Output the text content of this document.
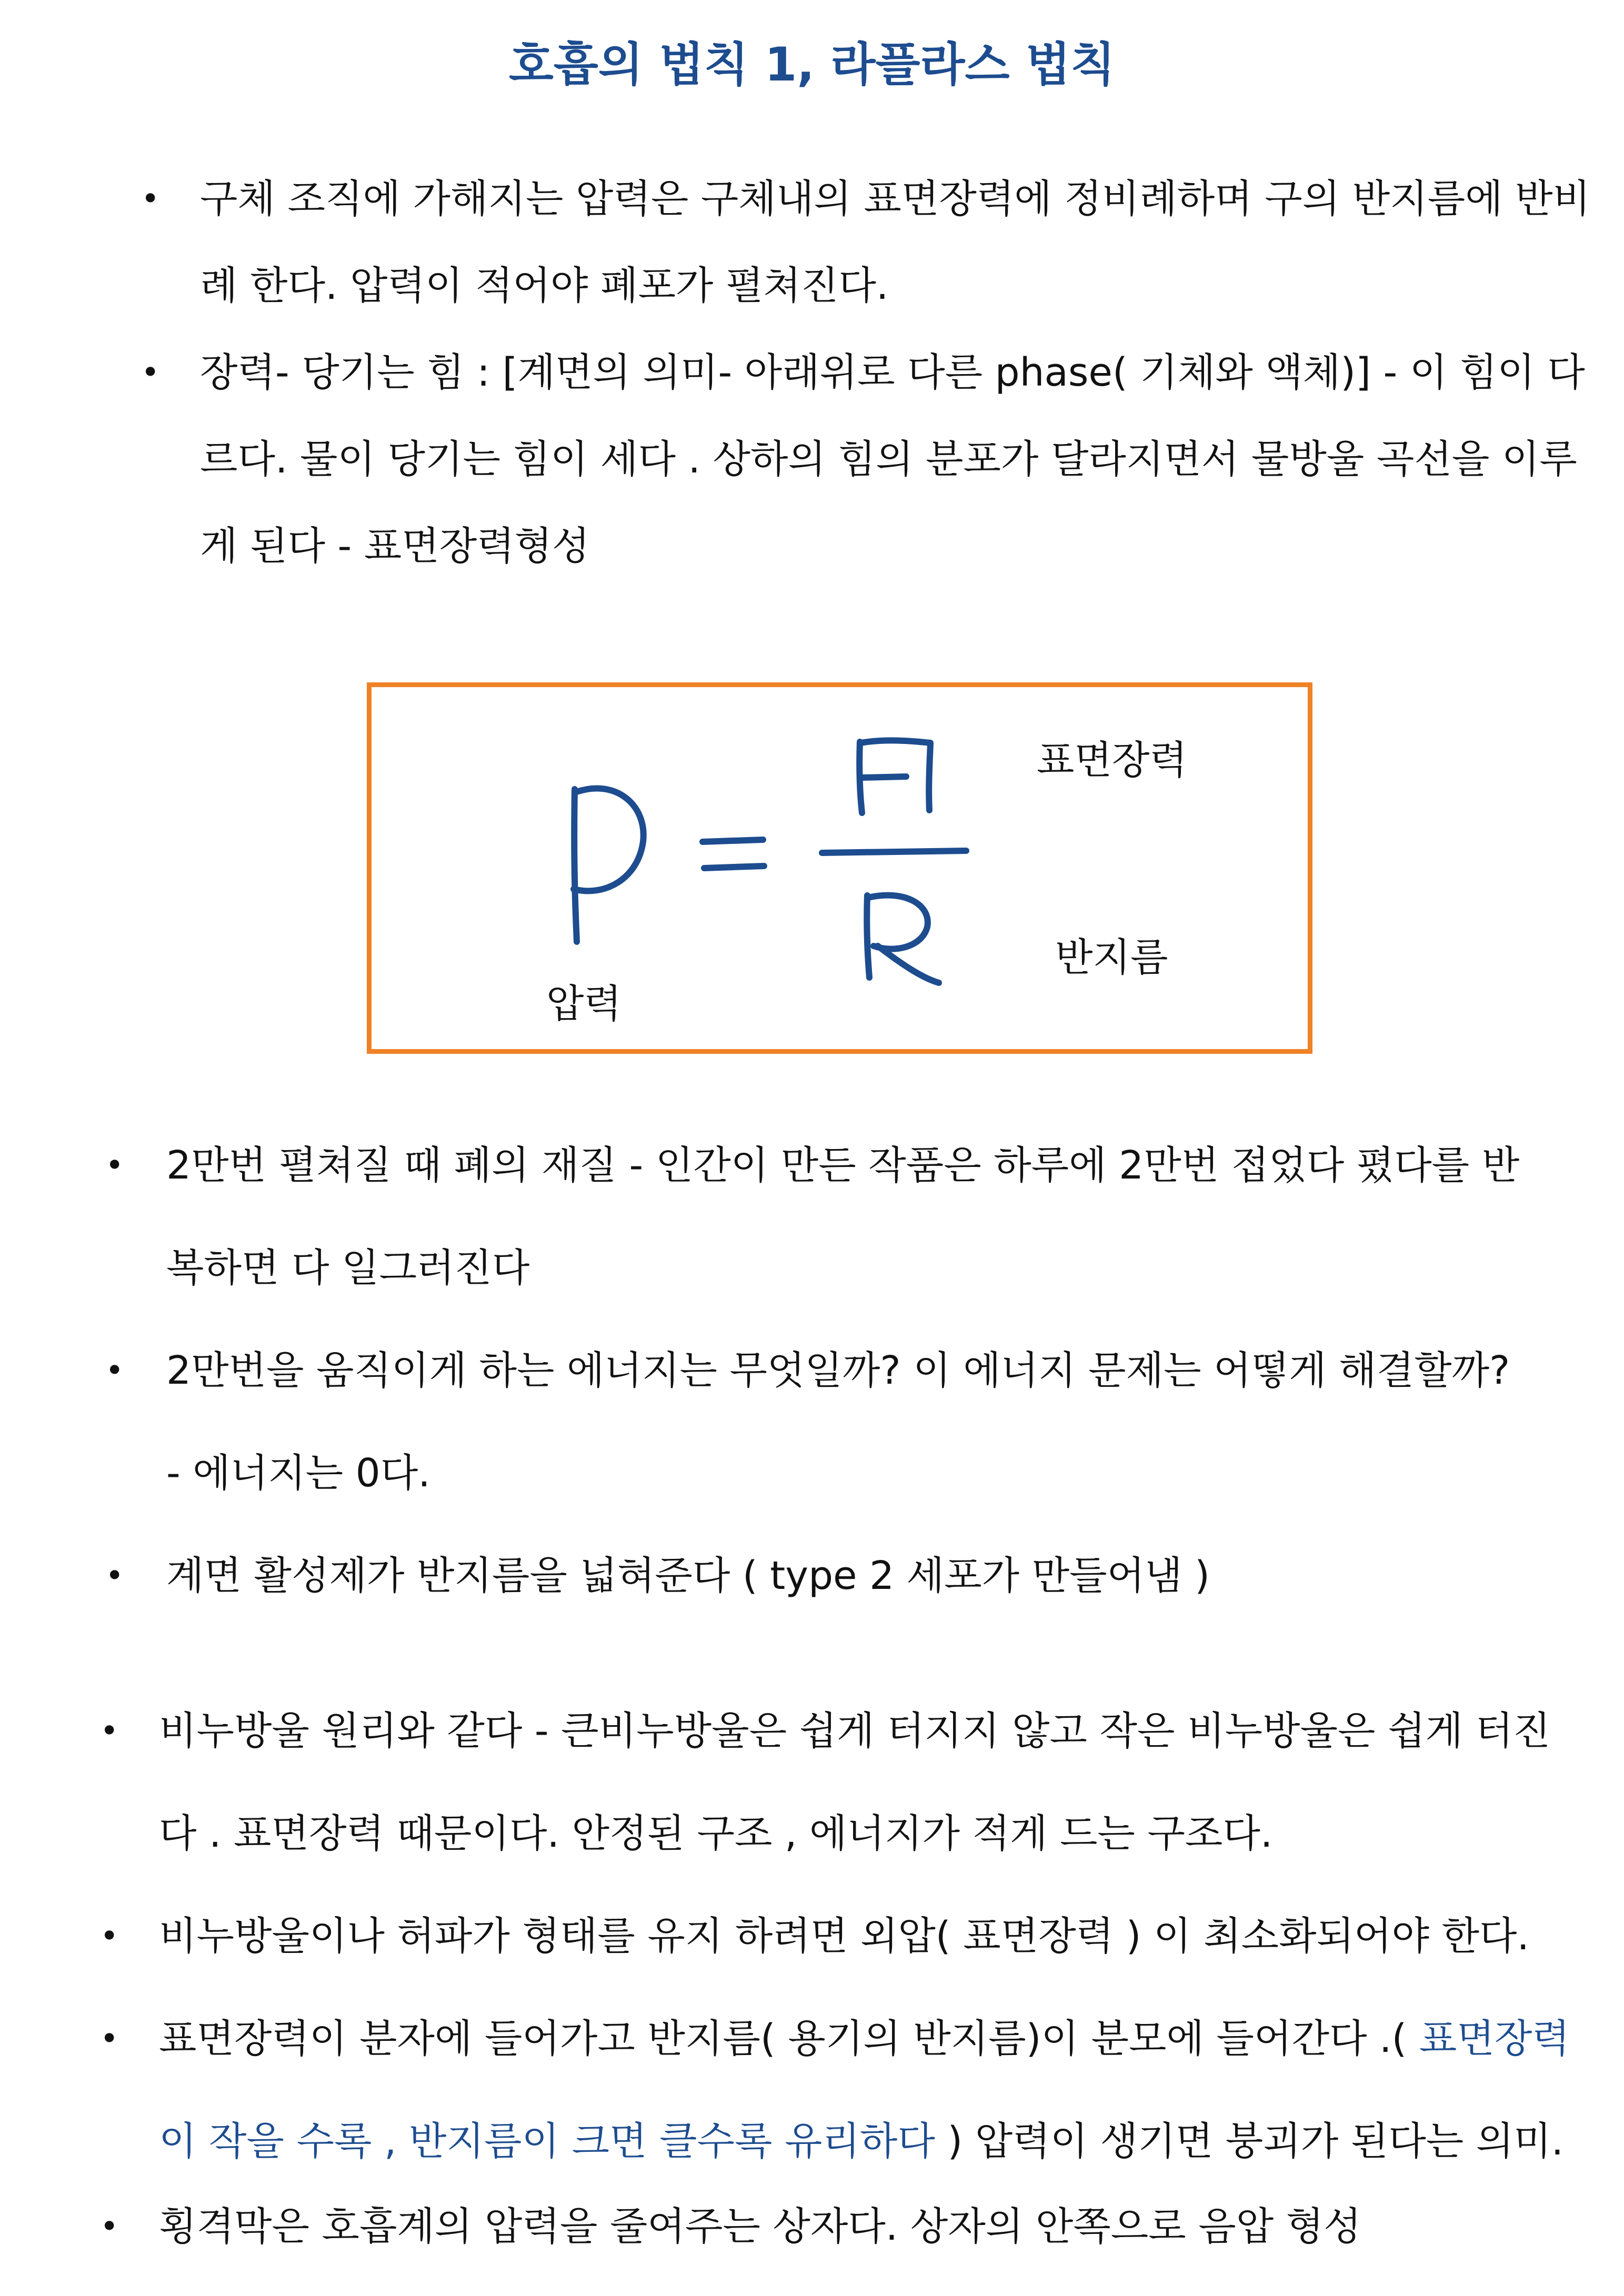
호흡의 법칙 1, 라플라스 법칙
• 구체 조직에 가해지는 압력은 구체내의 표면장력에 정비례하며 구의 반지름에 반비
례 한다. 압력이 적어야 폐포가 펼쳐진다.
• 장력- 당기는 힘 : [계면의 의미- 아래위로 다른 phase( 기체와 액체)] - 이 힘이 다
르다. 물이 당기는 힘이 세다 . 상하의 힘의 분포가 달라지면서 물방울 곡선을 이루
게 된다 - 표면장력형성
표면장력
반지름
압력
• 2만번 펼쳐질 때 폐의 재질 - 인간이 만든 작품은 하루에 2만번 접었다 폈다를 반
복하면 다 일그러진다
• 2만번을 움직이게 하는 에너지는 무엇일까? 이 에너지 문제는 어떻게 해결할까?
- 에너지는 0다.
• 계면 활성제가 반지름을 넓혀준다 ( type 2 세포가 만들어냄 )
• 비누방울 원리와 같다 - 큰비누방울은 쉽게 터지지 않고 작은 비누방울은 쉽게 터진
다 . 표면장력 때문이다. 안정된 구조 , 에너지가 적게 드는 구조다.
• 비누방울이나 허파가 형태를 유지 하려면 외압( 표면장력 ) 이 최소화되어야 한다.
• 표면장력이 분자에 들어가고 반지름( 용기의 반지름)이 분모에 들어간다 .( 표면장력
이 작을 수록 , 반지름이 크면 클수록 유리하다 ) 압력이 생기면 붕괴가 된다는 의미.
• 횡격막은 호흡계의 압력을 줄여주는 상자다. 상자의 안쪽으로 음압 형성
